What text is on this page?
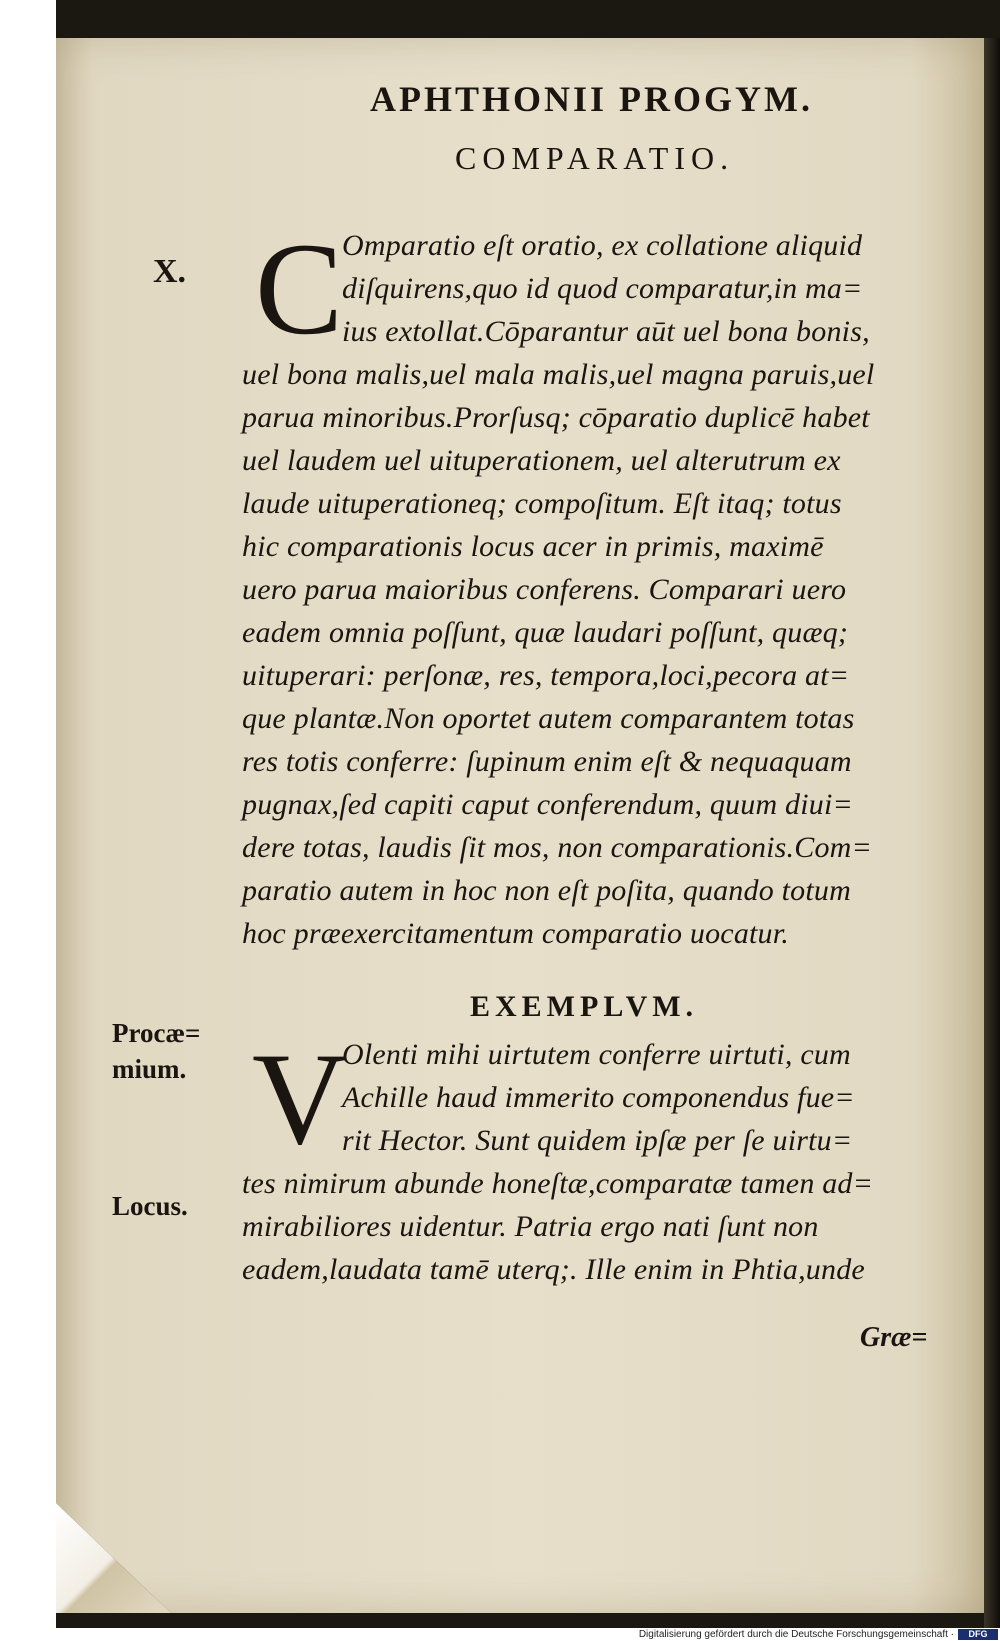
APHTHONII PROGYM.
COMPARATIO.
X. C
Omparatio eſt oratio, ex collatione aliquid
diſquirens,quo id quod comparatur,in ma=
ius extollat.Cōparantur aūt uel bona bonis,
uel bona malis,uel mala malis,uel magna paruis,uel
parua minoribus.Prorſusq; cōparatio duplicē habet
uel laudem uel uituperationem, uel alterutrum ex
laude uituperationeq; compoſitum. Eſt itaq; totus
hic comparationis locus acer in primis, maximē
uero parua maioribus conferens. Comparari uero
eadem omnia poſſunt, quæ laudari poſſunt, quæq;
uituperari: perſonæ, res, tempora,loci,pecora at=
que plantæ.Non oportet autem comparantem totas
res totis conferre: ſupinum enim eſt & nequaquam
pugnax,ſed capiti caput conferendum, quum diui=
dere totas, laudis ſit mos, non comparationis.Com=
paratio autem in hoc non eſt poſita, quando totum
hoc præexercitamentum comparatio uocatur.
EXEMPLVM.
V
Olenti mihi uirtutem conferre uirtuti, cum
Achille haud immerito componendus fue=
rit Hector. Sunt quidem ipſæ per ſe uirtu=
tes nimirum abunde honeſtæ,comparatæ tamen ad=
mirabiliores uidentur. Patria ergo nati ſunt non
eadem,laudata tamē uterq;. Ille enim in Phtia,unde
Græ=
Procæ=
mium.
Locus.
Digitalisierung gefördert durch die Deutsche Forschungsgemeinschaft ·	DFG
